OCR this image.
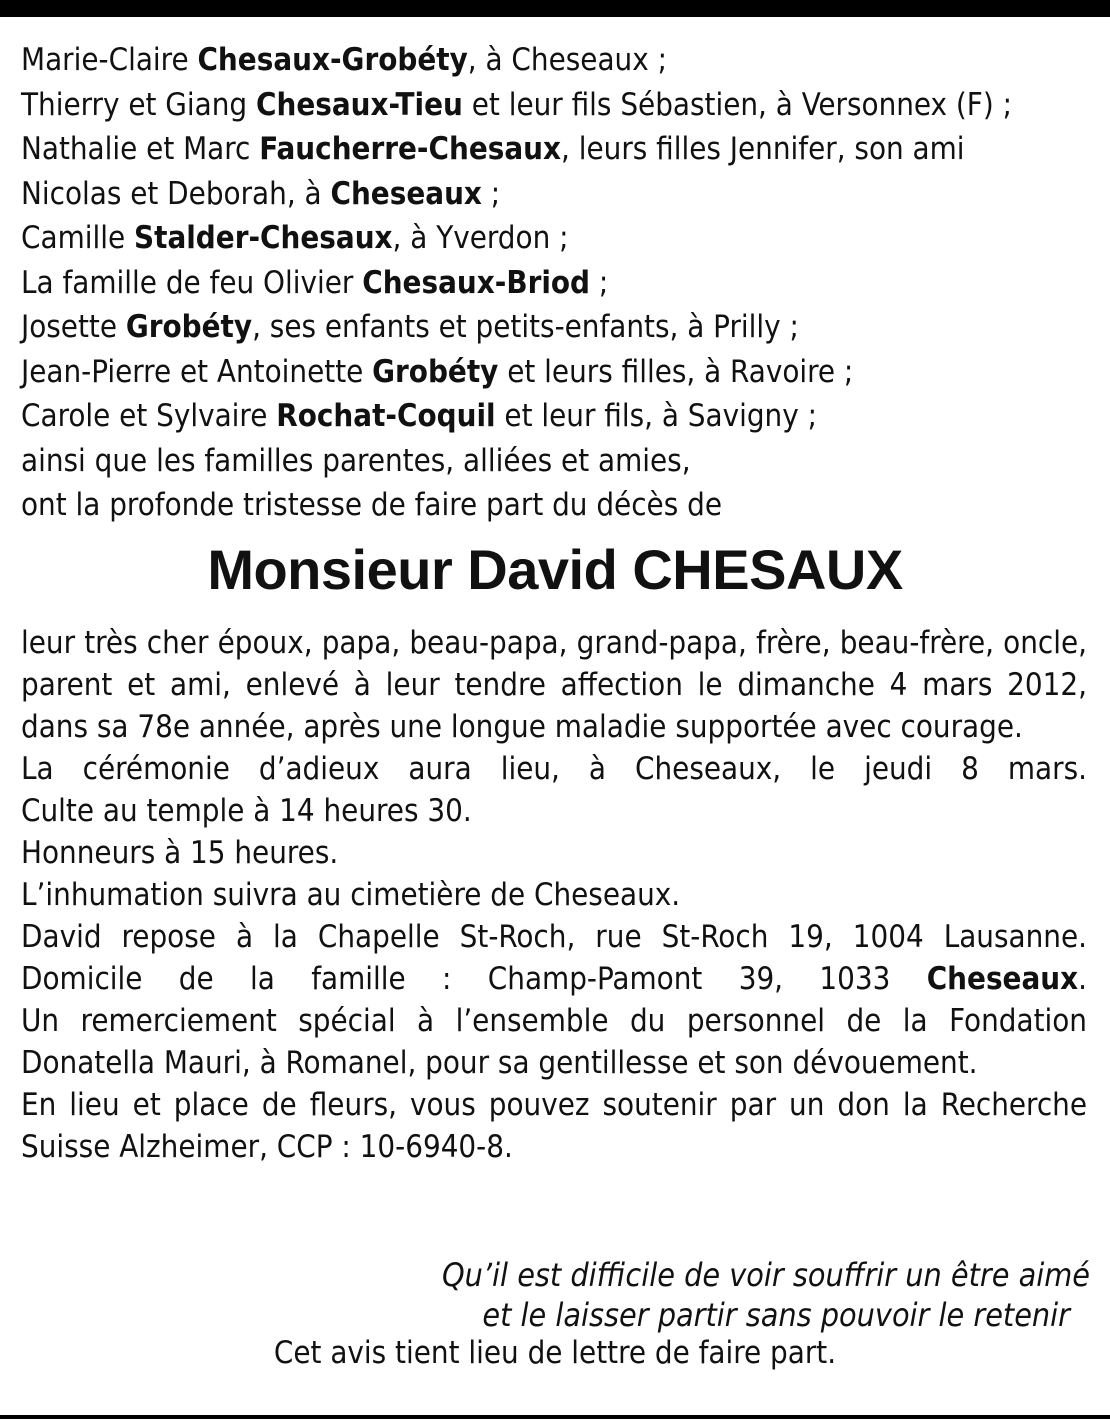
Marie-Claire Chesaux-Grobéty, à Cheseaux ;
Thierry et Giang Chesaux-Tieu et leur fils Sébastien, à Versonnex (F) ;
Nathalie et Marc Faucherre-Chesaux, leurs filles Jennifer, son ami
Nicolas et Deborah, à Cheseaux ;
Camille Stalder-Chesaux, à Yverdon ;
La famille de feu Olivier Chesaux-Briod ;
Josette Grobéty, ses enfants et petits-enfants, à Prilly ;
Jean-Pierre et Antoinette Grobéty et leurs filles, à Ravoire ;
Carole et Sylvaire Rochat-Coquil et leur fils, à Savigny ;
ainsi que les familles parentes, alliées et amies,
ont la profonde tristesse de faire part du décès de
Monsieur David CHESAUX
leur très cher époux, papa, beau-papa, grand-papa, frère, beau-frère, oncle, parent et ami, enlevé à leur tendre affection le dimanche 4 mars 2012, dans sa 78e année, après une longue maladie supportée avec courage.
La cérémonie d’adieux aura lieu, à Cheseaux, le jeudi 8 mars.
Culte au temple à 14 heures 30.
Honneurs à 15 heures.
L’inhumation suivra au cimetière de Cheseaux.
David repose à la Chapelle St-Roch, rue St-Roch 19, 1004 Lausanne.
Domicile de la famille : Champ-Pamont 39, 1033 Cheseaux.
Un remerciement spécial à l’ensemble du personnel de la Fondation Donatella Mauri, à Romanel, pour sa gentillesse et son dévouement.
En lieu et place de fleurs, vous pouvez soutenir par un don la Recherche Suisse Alzheimer, CCP : 10-6940-8.
Qu’il est difficile de voir souffrir un être aimé

et le laisser partir sans pouvoir le retenir
Cet avis tient lieu de lettre de faire part.
